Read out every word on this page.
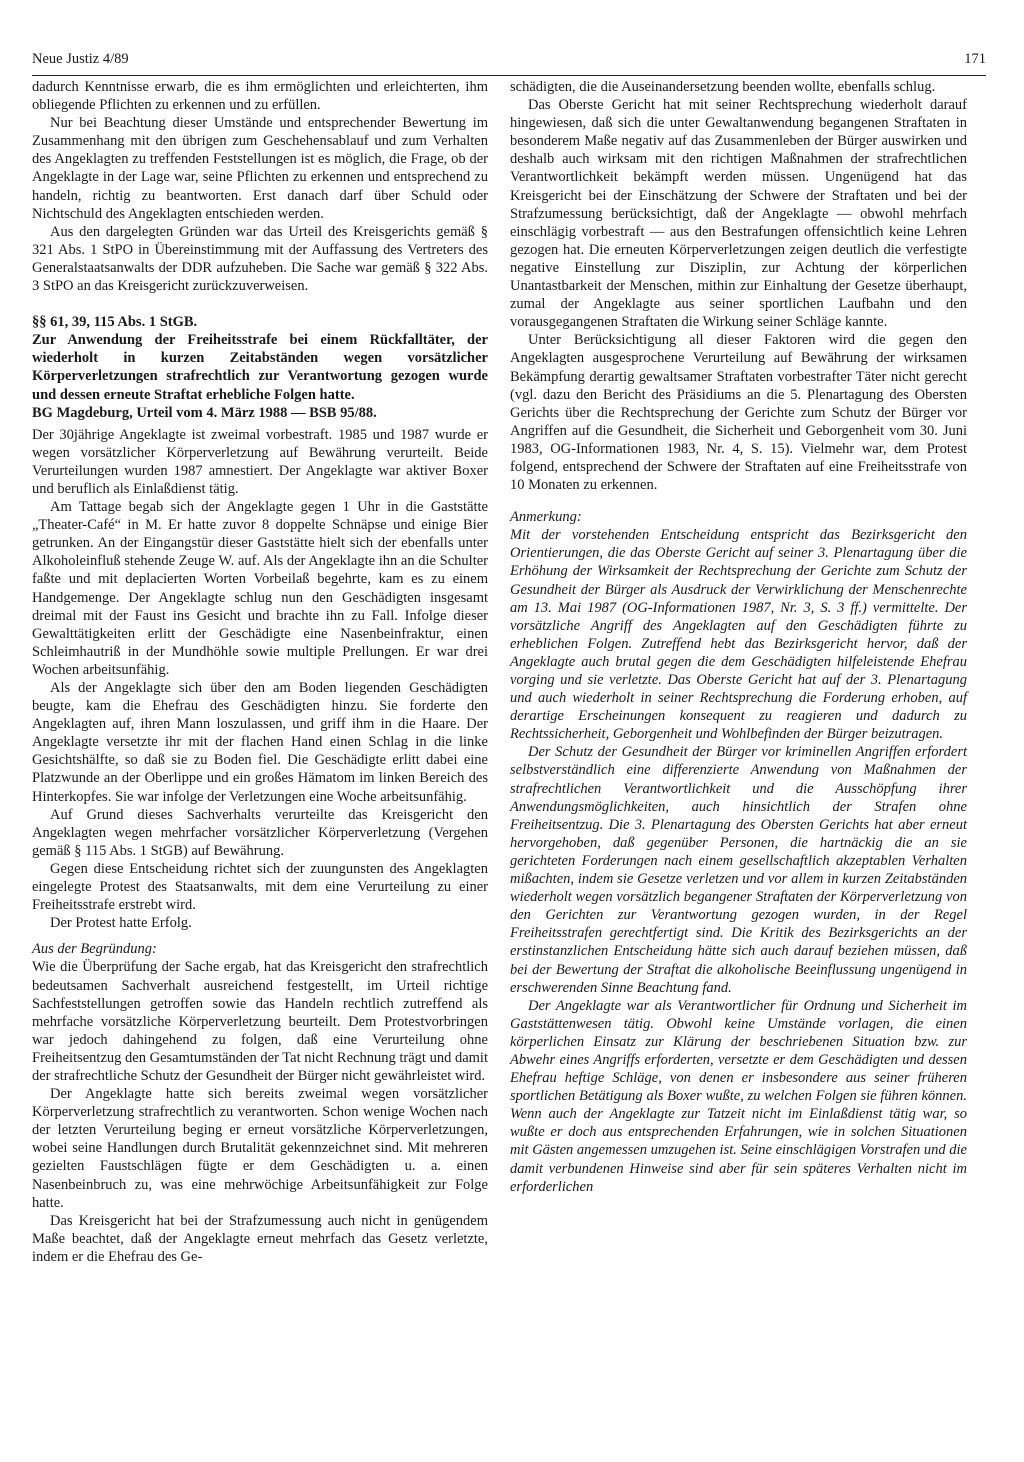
Neue Justiz 4/89	171

dadurch Kenntnisse erwarb, die es ihm ermöglichten und erleichterten, ihm obliegende Pflichten zu erkennen und zu erfüllen.

Nur bei Beachtung dieser Umstände und entsprechender Bewertung im Zusammenhang mit den übrigen zum Geschehensablauf und zum Verhalten des Angeklagten zu treffenden Feststellungen ist es möglich, die Frage, ob der Angeklagte in der Lage war, seine Pflichten zu erkennen und entsprechend zu handeln, richtig zu beantworten. Erst danach darf über Schuld oder Nichtschuld des Angeklagten entschieden werden.

Aus den dargelegten Gründen war das Urteil des Kreisgerichts gemäß § 321 Abs. 1 StPO in Übereinstimmung mit der Auffassung des Vertreters des Generalstaatsanwalts der DDR aufzuheben. Die Sache war gemäß § 322 Abs. 3 StPO an das Kreisgericht zurückzuverweisen.

§§ 61, 39, 115 Abs. 1 StGB.

Zur Anwendung der Freiheitsstrafe bei einem Rückfalltäter, der wiederholt in kurzen Zeitabständen wegen vorsätzlicher Körperverletzungen strafrechtlich zur Verantwortung gezogen wurde und dessen erneute Straftat erhebliche Folgen hatte.

BG Magdeburg, Urteil vom 4. März 1988 — BSB 95/88.

Der 30jährige Angeklagte ist zweimal vorbestraft. 1985 und 1987 wurde er wegen vorsätzlicher Körperverletzung auf Bewährung verurteilt. Beide Verurteilungen wurden 1987 amnestiert. Der Angeklagte war aktiver Boxer und beruflich als Einlaßdienst tätig.

Am Tattage begab sich der Angeklagte gegen 1 Uhr in die Gaststätte „Theater-Café“ in M. Er hatte zuvor 8 doppelte Schnäpse und einige Bier getrunken. An der Eingangstür dieser Gaststätte hielt sich der ebenfalls unter Alkoholeinfluß stehende Zeuge W. auf. Als der Angeklagte ihn an die Schulter faßte und mit deplacierten Worten Vorbeilaß begehrte, kam es zu einem Handgemenge. Der Angeklagte schlug nun den Geschädigten insgesamt dreimal mit der Faust ins Gesicht und brachte ihn zu Fall. Infolge dieser Gewalttätigkeiten erlitt der Geschädigte eine Nasenbeinfraktur, einen Schleimhautriß in der Mundhöhle sowie multiple Prellungen. Er war drei Wochen arbeitsunfähig.

Als der Angeklagte sich über den am Boden liegenden Geschädigten beugte, kam die Ehefrau des Geschädigten hinzu. Sie forderte den Angeklagten auf, ihren Mann loszulassen, und griff ihm in die Haare. Der Angeklagte versetzte ihr mit der flachen Hand einen Schlag in die linke Gesichtshälfte, so daß sie zu Boden fiel. Die Geschädigte erlitt dabei eine Platzwunde an der Oberlippe und ein großes Hämatom im linken Bereich des Hinterkopfes. Sie war infolge der Verletzungen eine Woche arbeitsunfähig.

Auf Grund dieses Sachverhalts verurteilte das Kreisgericht den Angeklagten wegen mehrfacher vorsätzlicher Körperverletzung (Vergehen gemäß § 115 Abs. 1 StGB) auf Bewährung.

Gegen diese Entscheidung richtet sich der zuungunsten des Angeklagten eingelegte Protest des Staatsanwalts, mit dem eine Verurteilung zu einer Freiheitsstrafe erstrebt wird.

Der Protest hatte Erfolg.

Aus der Begründung:

Wie die Überprüfung der Sache ergab, hat das Kreisgericht den strafrechtlich bedeutsamen Sachverhalt ausreichend festgestellt, im Urteil richtige Sachfeststellungen getroffen sowie das Handeln rechtlich zutreffend als mehrfache vorsätzliche Körperverletzung beurteilt. Dem Protestvorbringen war jedoch dahingehend zu folgen, daß eine Verurteilung ohne Freiheitsentzug den Gesamtumständen der Tat nicht Rechnung trägt und damit der strafrechtliche Schutz der Gesundheit der Bürger nicht gewährleistet wird.

Der Angeklagte hatte sich bereits zweimal wegen vorsätzlicher Körperverletzung strafrechtlich zu verantworten. Schon wenige Wochen nach der letzten Verurteilung beging er erneut vorsätzliche Körperverletzungen, wobei seine Handlungen durch Brutalität gekennzeichnet sind. Mit mehreren gezielten Faustschlägen fügte er dem Geschädigten u. a. einen Nasenbeinbruch zu, was eine mehrwöchige Arbeitsunfähigkeit zur Folge hatte.

Das Kreisgericht hat bei der Strafzumessung auch nicht in genügendem Maße beachtet, daß der Angeklagte erneut mehrfach das Gesetz verletzte, indem er die Ehefrau des Ge-

schädigten, die die Auseinandersetzung beenden wollte, ebenfalls schlug.

Das Oberste Gericht hat mit seiner Rechtsprechung wiederholt darauf hingewiesen, daß sich die unter Gewaltanwendung begangenen Straftaten in besonderem Maße negativ auf das Zusammenleben der Bürger auswirken und deshalb auch wirksam mit den richtigen Maßnahmen der strafrechtlichen Verantwortlichkeit bekämpft werden müssen. Ungenügend hat das Kreisgericht bei der Einschätzung der Schwere der Straftaten und bei der Strafzumessung berücksichtigt, daß der Angeklagte — obwohl mehrfach einschlägig vorbestraft — aus den Bestrafungen offensichtlich keine Lehren gezogen hat. Die erneuten Körperverletzungen zeigen deutlich die verfestigte negative Einstellung zur Disziplin, zur Achtung der körperlichen Unantastbarkeit der Menschen, mithin zur Einhaltung der Gesetze überhaupt, zumal der Angeklagte aus seiner sportlichen Laufbahn und den vorausgegangenen Straftaten die Wirkung seiner Schläge kannte.

Unter Berücksichtigung all dieser Faktoren wird die gegen den Angeklagten ausgesprochene Verurteilung auf Bewährung der wirksamen Bekämpfung derartig gewaltsamer Straftaten vorbestrafter Täter nicht gerecht (vgl. dazu den Bericht des Präsidiums an die 5. Plenartagung des Obersten Gerichts über die Rechtsprechung der Gerichte zum Schutz der Bürger vor Angriffen auf die Gesundheit, die Sicherheit und Geborgenheit vom 30. Juni 1983, OG-Informationen 1983, Nr. 4, S. 15). Vielmehr war, dem Protest folgend, entsprechend der Schwere der Straftaten auf eine Freiheitsstrafe von 10 Monaten zu erkennen.

Anmerkung:

Mit der vorstehenden Entscheidung entspricht das Bezirksgericht den Orientierungen, die das Oberste Gericht auf seiner 3. Plenartagung über die Erhöhung der Wirksamkeit der Rechtsprechung der Gerichte zum Schutz der Gesundheit der Bürger als Ausdruck der Verwirklichung der Menschenrechte am 13. Mai 1987 (OG-Informationen 1987, Nr. 3, S. 3 ff.) vermittelte. Der vorsätzliche Angriff des Angeklagten auf den Geschädigten führte zu erheblichen Folgen. Zutreffend hebt das Bezirksgericht hervor, daß der Angeklagte auch brutal gegen die dem Geschädigten hilfeleistende Ehefrau vorging und sie verletzte. Das Oberste Gericht hat auf der 3. Plenartagung und auch wiederholt in seiner Rechtsprechung die Forderung erhoben, auf derartige Erscheinungen konsequent zu reagieren und dadurch zu Rechtssicherheit, Geborgenheit und Wohlbefinden der Bürger beizutragen.

Der Schutz der Gesundheit der Bürger vor kriminellen Angriffen erfordert selbstverständlich eine differenzierte Anwendung von Maßnahmen der strafrechtlichen Verantwortlichkeit und die Ausschöpfung ihrer Anwendungsmöglichkeiten, auch hinsichtlich der Strafen ohne Freiheitsentzug. Die 3. Plenartagung des Obersten Gerichts hat aber erneut hervorgehoben, daß gegenüber Personen, die hartnäckig die an sie gerichteten Forderungen nach einem gesellschaftlich akzeptablen Verhalten mißachten, indem sie Gesetze verletzen und vor allem in kurzen Zeitabständen wiederholt wegen vorsätzlich begangener Straftaten der Körperverletzung von den Gerichten zur Verantwortung gezogen wurden, in der Regel Freiheitsstrafen gerechtfertigt sind. Die Kritik des Bezirksgerichts an der erstinstanzlichen Entscheidung hätte sich auch darauf beziehen müssen, daß bei der Bewertung der Straftat die alkoholische Beeinflussung ungenügend in erschwerenden Sinne Beachtung fand.

Der Angeklagte war als Verantwortlicher für Ordnung und Sicherheit im Gaststättenwesen tätig. Obwohl keine Umstände vorlagen, die einen körperlichen Einsatz zur Klärung der beschriebenen Situation bzw. zur Abwehr eines Angriffs erforderten, versetzte er dem Geschädigten und dessen Ehefrau heftige Schläge, von denen er insbesondere aus seiner früheren sportlichen Betätigung als Boxer wußte, zu welchen Folgen sie führen können. Wenn auch der Angeklagte zur Tatzeit nicht im Einlaßdienst tätig war, so wußte er doch aus entsprechenden Erfahrungen, wie in solchen Situationen mit Gästen angemessen umzugehen ist. Seine einschlägigen Vorstrafen und die damit verbundenen Hinweise sind aber für sein späteres Verhalten nicht im erforderlichen
